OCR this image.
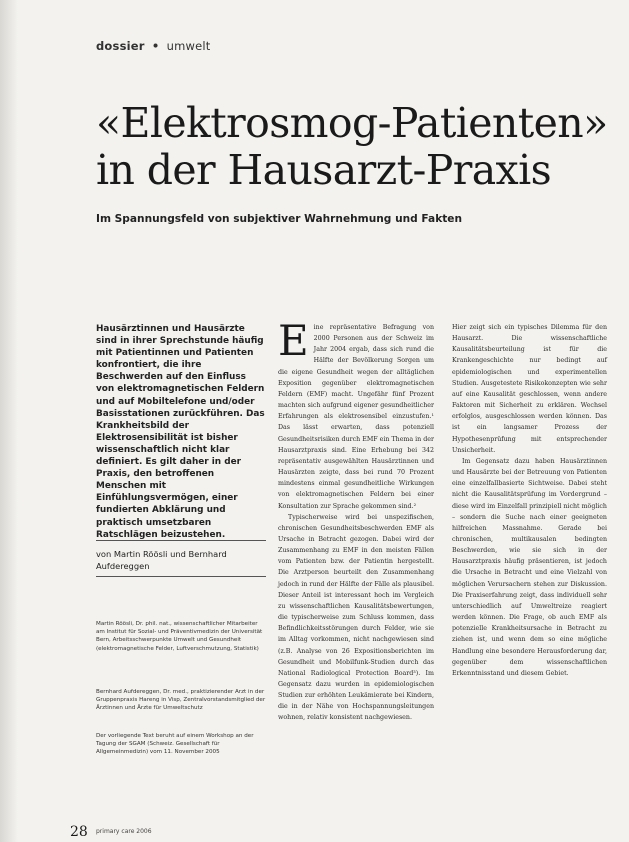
dossier • umwelt
«Elektrosmog-Patienten»
in der Hausarzt-Praxis
Im Spannungsfeld von subjektiver Wahrnehmung und Fakten

Hausärztinnen und Hausärzte sind in ihrer Sprechstunde häufig mit Patientinnen und Patienten konfrontiert, die ihre Beschwerden auf den Einfluss von elektromagnetischen Feldern und auf Mobiltelefone und/oder Basisstationen zurückführen. Das Krankheitsbild der Elektrosensibilität ist bisher wissenschaftlich nicht klar definiert. Es gilt daher in der Praxis, den betroffenen Menschen mit Einfühlungsvermögen, einer fundierten Abklärung und praktisch umsetzbaren Ratschlägen beizustehen.

von Martin Röösli und Bernhard Aufdereggen

Martin Röösli, Dr. phil. nat., wissenschaftlicher Mitarbeiter am Institut für Sozial- und Präventivmedizin der Universität Bern, Arbeitsschwerpunkte Umwelt und Gesundheit (elektromagnetische Felder, Luftverschmutzung, Statistik)

Bernhard Aufdereggen, Dr. med., praktizierender Arzt in der Gruppenpraxis Hareng in Visp, Zentralvorstandsmitglied der Ärztinnen und Ärzte für Umweltschutz

Der vorliegende Text beruht auf einem Workshop an der Tagung der SGAM (Schweiz. Gesellschaft für Allgemeinmedizin) vom 11. November 2005

Eine repräsentative Befragung von 2000 Personen aus der Schweiz im Jahr 2004 ergab, dass sich rund die Hälfte der Bevölkerung Sorgen um die eigene Gesundheit wegen der alltäglichen Exposition gegenüber elektromagnetischen Feldern (EMF) macht. Ungefähr fünf Prozent machten sich aufgrund eigener gesundheitlicher Erfahrungen als elektrosensibel einzustufen.¹ Das lässt erwarten, dass potenziell Gesundheitsrisiken durch EMF ein Thema in der Hausarztpraxis sind. Eine Erhebung bei 342 repräsentativ ausgewählten Hausärztinnen und Hausärzten zeigte, dass bei rund 70 Prozent mindestens einmal gesundheitliche Wirkungen von elektromagnetischen Feldern bei einer Konsultation zur Sprache gekommen sind.²

Typischerweise wird bei unspezifischen, chronischen Gesundheitsbeschwerden EMF als Ursache in Betracht gezogen. Dabei wird der Zusammenhang zu EMF in den meisten Fällen vom Patienten bzw. der Patientin hergestellt. Die Arztperson beurteilt den Zusammenhang jedoch in rund der Hälfte der Fälle als plausibel. Dieser Anteil ist interessant hoch im Vergleich zu wissenschaftlichen Kausalitätsbewertungen, die typischerweise zum Schluss kommen, dass Befindlichkeitsstörungen durch Felder, wie sie im Alltag vorkommen, nicht nachgewiesen sind (z.B. Analyse von 26 Expositionsberichten im Gesundheit und Mobilfunk-Studien durch das National Radiological Protection Board³). Im Gegensatz dazu wurden in epidemiologischen Studien zur erhöhten Leukämierate bei Kindern, die in der Nähe von Hochspannungsleitungen wohnen, relativ konsistent nachgewiesen.

Hier zeigt sich ein typisches Dilemma für den Hausarzt. Die wissenschaftliche Kausalitätsbeurteilung ist für die Krankengeschichte nur bedingt auf epidemiologischen und experimentellen Studien. Ausgetestete Risikokonzepten wie sehr auf eine Kausalität geschlossen, wenn andere Faktoren mit Sicherheit zu erklären. Wechsel erfolglos, ausgeschlossen werden können. Das ist ein langsamer Prozess der Hypothesenprüfung mit entsprechender Unsicherheit.

Im Gegensatz dazu haben Hausärztinnen und Hausärzte bei der Betreuung von Patienten eine einzelfallbasierte Sichtweise. Dabei steht nicht die Kausalitätsprüfung im Vordergrund – diese wird im Einzelfall prinzipiell nicht möglich – sondern die Suche nach einer geeigneten hilfreichen Massnahme. Gerade bei chronischen, multikausalen bedingten Beschwerden, wie sie sich in der Hausarztpraxis häufig präsentieren, ist jedoch die Ursache in Betracht und eine Vielzahl von möglichen Verursachern stehen zur Diskussion. Die Praxiserfahrung zeigt, dass individuell sehr unterschiedlich auf Umweltreize reagiert werden können. Die Frage, ob auch EMF als potenzielle Krankheitsursache in Betracht zu ziehen ist, und wenn dem so eine mögliche Handlung eine besondere Herausforderung dar, gegenüber dem wissenschaftlichen Erkenntnisstand und diesem Gebiet.

28 primary care 2006
